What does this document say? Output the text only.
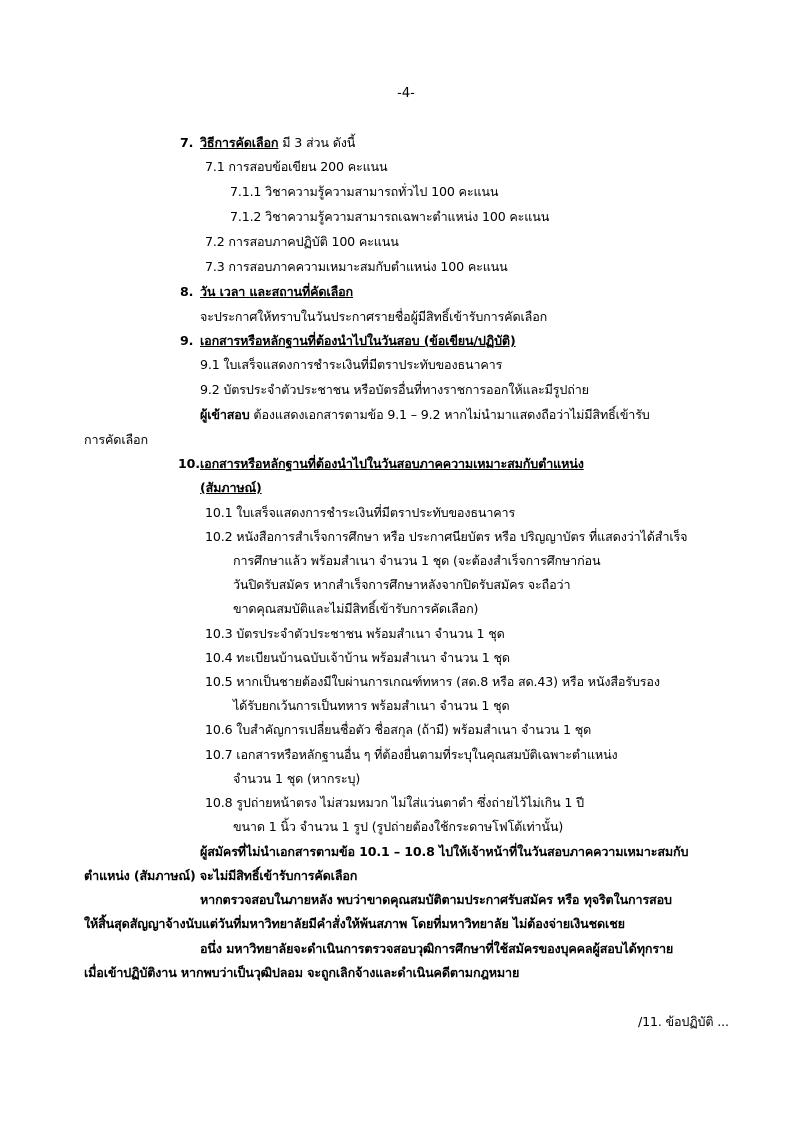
-4-
7. วิธีการคัดเลือก มี 3 ส่วน ดังนี้
7.1 การสอบข้อเขียน 200 คะแนน
7.1.1 วิชาความรู้ความสามารถทั่วไป 100 คะแนน
7.1.2 วิชาความรู้ความสามารถเฉพาะตำแหน่ง 100 คะแนน
7.2 การสอบภาคปฏิบัติ 100 คะแนน
7.3 การสอบภาคความเหมาะสมกับตำแหน่ง 100 คะแนน
8. วัน เวลา และสถานที่คัดเลือก
จะประกาศให้ทราบในวันประกาศรายชื่อผู้มีสิทธิ์เข้ารับการคัดเลือก
9. เอกสารหรือหลักฐานที่ต้องนำไปในวันสอบ (ข้อเขียน/ปฏิบัติ)
9.1 ใบเสร็จแสดงการชำระเงินที่มีตราประทับของธนาคาร
9.2 บัตรประจำตัวประชาชน หรือบัตรอื่นที่ทางราชการออกให้และมีรูปถ่าย
ผู้เข้าสอบ ต้องแสดงเอกสารตามข้อ 9.1 – 9.2 หากไม่นำมาแสดงถือว่าไม่มีสิทธิ์เข้ารับ
การคัดเลือก
10. เอกสารหรือหลักฐานที่ต้องนำไปในวันสอบภาคความเหมาะสมกับตำแหน่ง
(สัมภาษณ์)
10.1 ใบเสร็จแสดงการชำระเงินที่มีตราประทับของธนาคาร
10.2 หนังสือการสำเร็จการศึกษา หรือ ประกาศนียบัตร หรือ ปริญญาบัตร ที่แสดงว่าได้สำเร็จ
การศึกษาแล้ว พร้อมสำเนา จำนวน 1 ชุด (จะต้องสำเร็จการศึกษาก่อน
วันปิดรับสมัคร หากสำเร็จการศึกษาหลังจากปิดรับสมัคร จะถือว่า
ขาดคุณสมบัติและไม่มีสิทธิ์เข้ารับการคัดเลือก)
10.3 บัตรประจำตัวประชาชน พร้อมสำเนา จำนวน 1 ชุด
10.4 ทะเบียนบ้านฉบับเจ้าบ้าน พร้อมสำเนา จำนวน 1 ชุด
10.5 หากเป็นชายต้องมีใบผ่านการเกณฑ์ทหาร (สด.8 หรือ สด.43) หรือ หนังสือรับรอง
ได้รับยกเว้นการเป็นทหาร พร้อมสำเนา จำนวน 1 ชุด
10.6 ใบสำคัญการเปลี่ยนชื่อตัว ชื่อสกุล (ถ้ามี) พร้อมสำเนา จำนวน 1 ชุด
10.7 เอกสารหรือหลักฐานอื่น ๆ ที่ต้องยื่นตามที่ระบุในคุณสมบัติเฉพาะตำแหน่ง
จำนวน 1 ชุด (หากระบุ)
10.8 รูปถ่ายหน้าตรง ไม่สวมหมวก ไม่ใส่แว่นตาดำ ซึ่งถ่ายไว้ไม่เกิน 1 ปี
ขนาด 1 นิ้ว จำนวน 1 รูป (รูปถ่ายต้องใช้กระดาษโฟโต้เท่านั้น)
ผู้สมัครที่ไม่นำเอกสารตามข้อ 10.1 – 10.8 ไปให้เจ้าหน้าที่ในวันสอบภาคความเหมาะสมกับ
ตำแหน่ง (สัมภาษณ์) จะไม่มีสิทธิ์เข้ารับการคัดเลือก
หากตรวจสอบในภายหลัง พบว่าขาดคุณสมบัติตามประกาศรับสมัคร หรือ ทุจริตในการสอบ
ให้สิ้นสุดสัญญาจ้างนับแต่วันที่มหาวิทยาลัยมีคำสั่งให้พ้นสภาพ โดยที่มหาวิทยาลัย ไม่ต้องจ่ายเงินชดเชย
อนึ่ง มหาวิทยาลัยจะดำเนินการตรวจสอบวุฒิการศึกษาที่ใช้สมัครของบุคคลผู้สอบได้ทุกราย
เมื่อเข้าปฏิบัติงาน หากพบว่าเป็นวุฒิปลอม จะถูกเลิกจ้างและดำเนินคดีตามกฎหมาย
/11. ข้อปฏิบัติ ...
